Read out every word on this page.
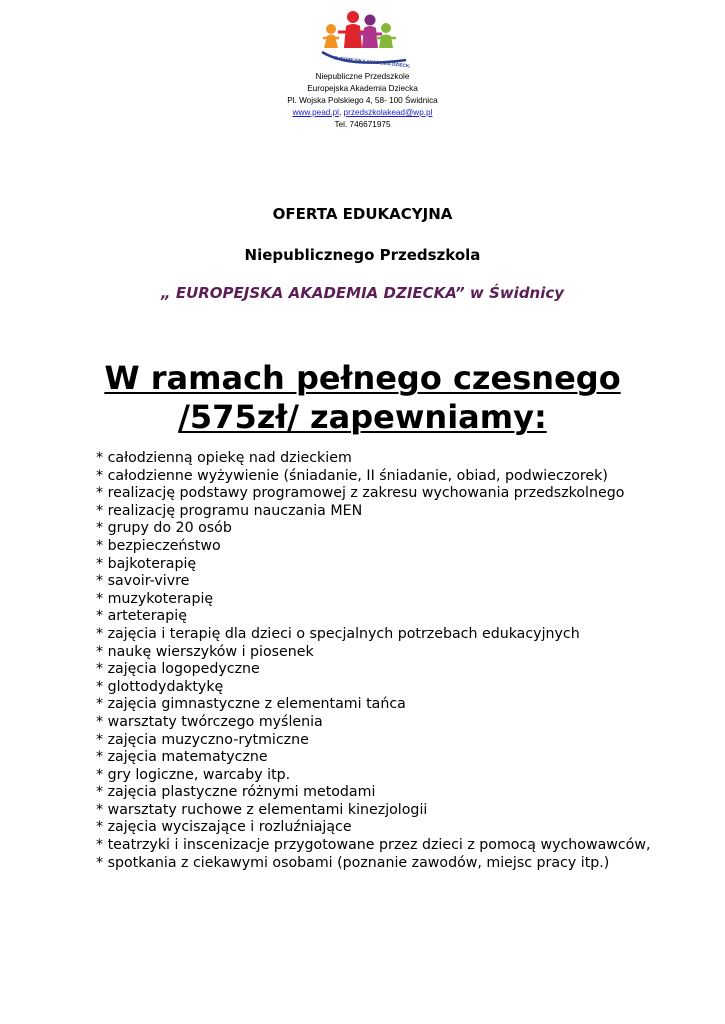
EUROPEJSKA AKADEMIA DZIECKA
Niepubliczne Przedszkole
Europejska Akademia Dziecka
Pl. Wojska Polskiego 4, 58- 100 Świdnica
www.pead.pl, przedszkolakead@wp.pl
Tel. 746671975
OFERTA EDUKACYJNA
Niepublicznego Przedszkola
„ EUROPEJSKA AKADEMIA DZIECKA” w Świdnicy
W ramach pełnego czesnego
/575zł/ zapewniamy:
* całodzienną opiekę nad dzieckiem
* całodzienne wyżywienie (śniadanie, II śniadanie, obiad, podwieczorek)
* realizację podstawy programowej z zakresu wychowania przedszkolnego
* realizację programu nauczania MEN
* grupy do 20 osób
* bezpieczeństwo
* bajkoterapię
* savoir-vivre
* muzykoterapię
* arteterapię
* zajęcia i terapię dla dzieci o specjalnych potrzebach edukacyjnych
* naukę wierszyków i piosenek
* zajęcia logopedyczne
* glottodydaktykę
* zajęcia gimnastyczne z elementami tańca
* warsztaty twórczego myślenia
* zajęcia muzyczno-rytmiczne
* zajęcia matematyczne
* gry logiczne, warcaby itp.
* zajęcia plastyczne różnymi metodami
* warsztaty ruchowe z elementami kinezjologii
* zajęcia wyciszające i rozluźniające
* teatrzyki i inscenizacje przygotowane przez dzieci z pomocą wychowawców,
* spotkania z ciekawymi osobami (poznanie zawodów, miejsc pracy itp.)
